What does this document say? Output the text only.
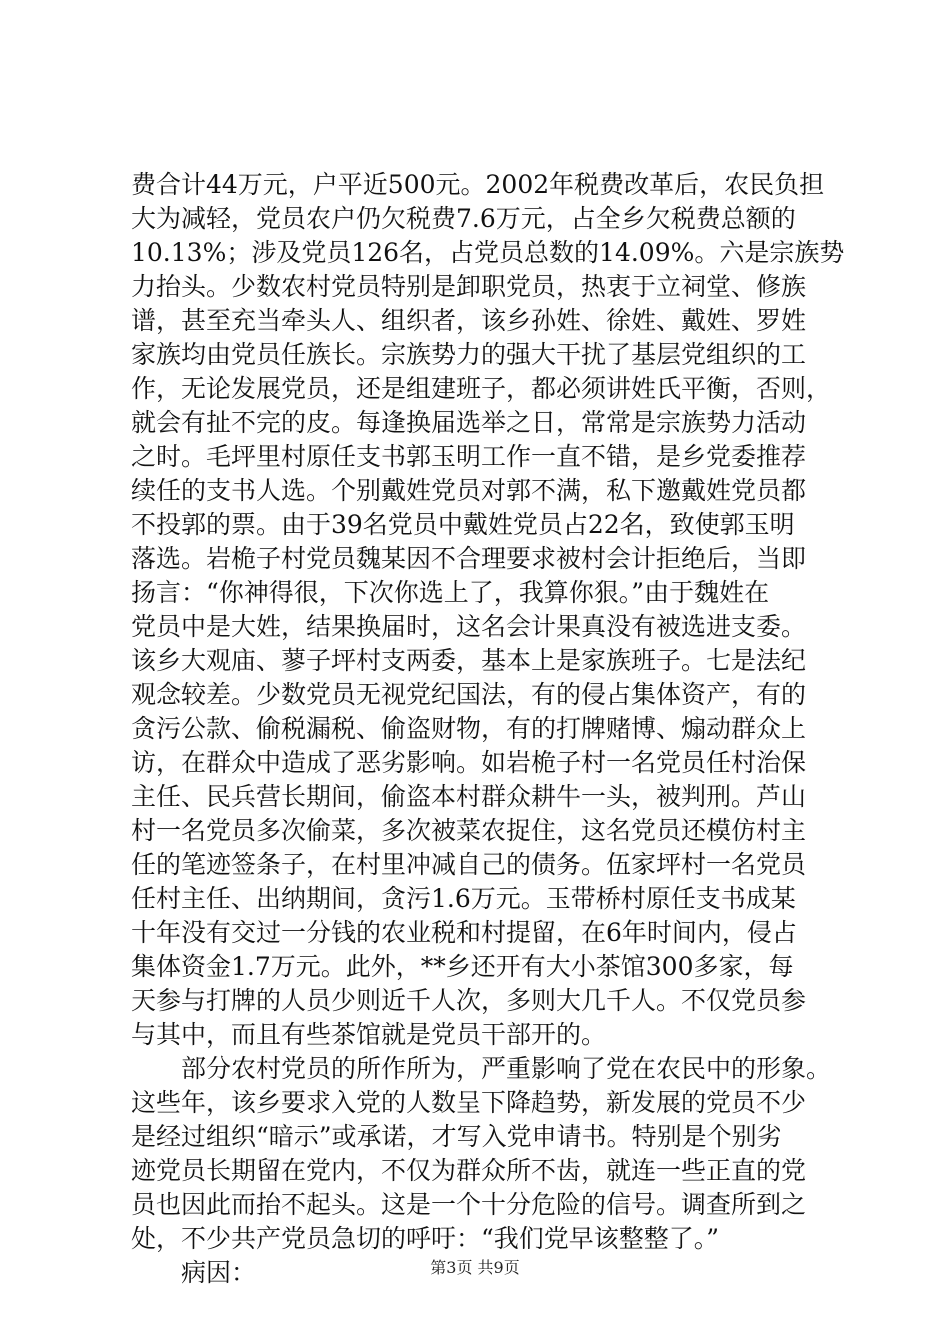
费合计44万元，户平近500元。2002年税费改革后，农民负担
大为减轻，党员农户仍欠税费7.6万元，占全乡欠税费总额的
10.13%；涉及党员126名，占党员总数的14.09%。六是宗族势
力抬头。少数农村党员特别是卸职党员，热衷于立祠堂、修族
谱，甚至充当牵头人、组织者，该乡孙姓、徐姓、戴姓、罗姓
家族均由党员任族长。宗族势力的强大干扰了基层党组织的工
作，无论发展党员，还是组建班子，都必须讲姓氏平衡，否则，
就会有扯不完的皮。每逢换届选举之日，常常是宗族势力活动
之时。毛坪里村原任支书郭玉明工作一直不错，是乡党委推荐
续任的支书人选。个别戴姓党员对郭不满，私下邀戴姓党员都
不投郭的票。由于39名党员中戴姓党员占22名，致使郭玉明
落选。岩桅子村党员魏某因不合理要求被村会计拒绝后，当即
扬言：“你神得很，下次你选上了，我算你狠。”由于魏姓在
党员中是大姓，结果换届时，这名会计果真没有被选进支委。
该乡大观庙、蓼子坪村支两委，基本上是家族班子。七是法纪
观念较差。少数党员无视党纪国法，有的侵占集体资产，有的
贪污公款、偷税漏税、偷盗财物，有的打牌赌博、煽动群众上
访，在群众中造成了恶劣影响。如岩桅子村一名党员任村治保
主任、民兵营长期间，偷盗本村群众耕牛一头，被判刑。芦山
村一名党员多次偷菜，多次被菜农捉住，这名党员还模仿村主
任的笔迹签条子，在村里冲减自己的债务。伍家坪村一名党员
任村主任、出纳期间，贪污1.6万元。玉带桥村原任支书成某
十年没有交过一分钱的农业税和村提留，在6年时间内，侵占
集体资金1.7万元。此外，**乡还开有大小茶馆300多家，每
天参与打牌的人员少则近千人次，多则大几千人。不仅党员参
与其中，而且有些茶馆就是党员干部开的。
部分农村党员的所作所为，严重影响了党在农民中的形象。
这些年，该乡要求入党的人数呈下降趋势，新发展的党员不少
是经过组织“暗示”或承诺，才写入党申请书。特别是个别劣
迹党员长期留在党内，不仅为群众所不齿，就连一些正直的党
员也因此而抬不起头。这是一个十分危险的信号。调查所到之
处，不少共产党员急切的呼吁：“我们党早该整整了。”
病因：	第3页 共9页
